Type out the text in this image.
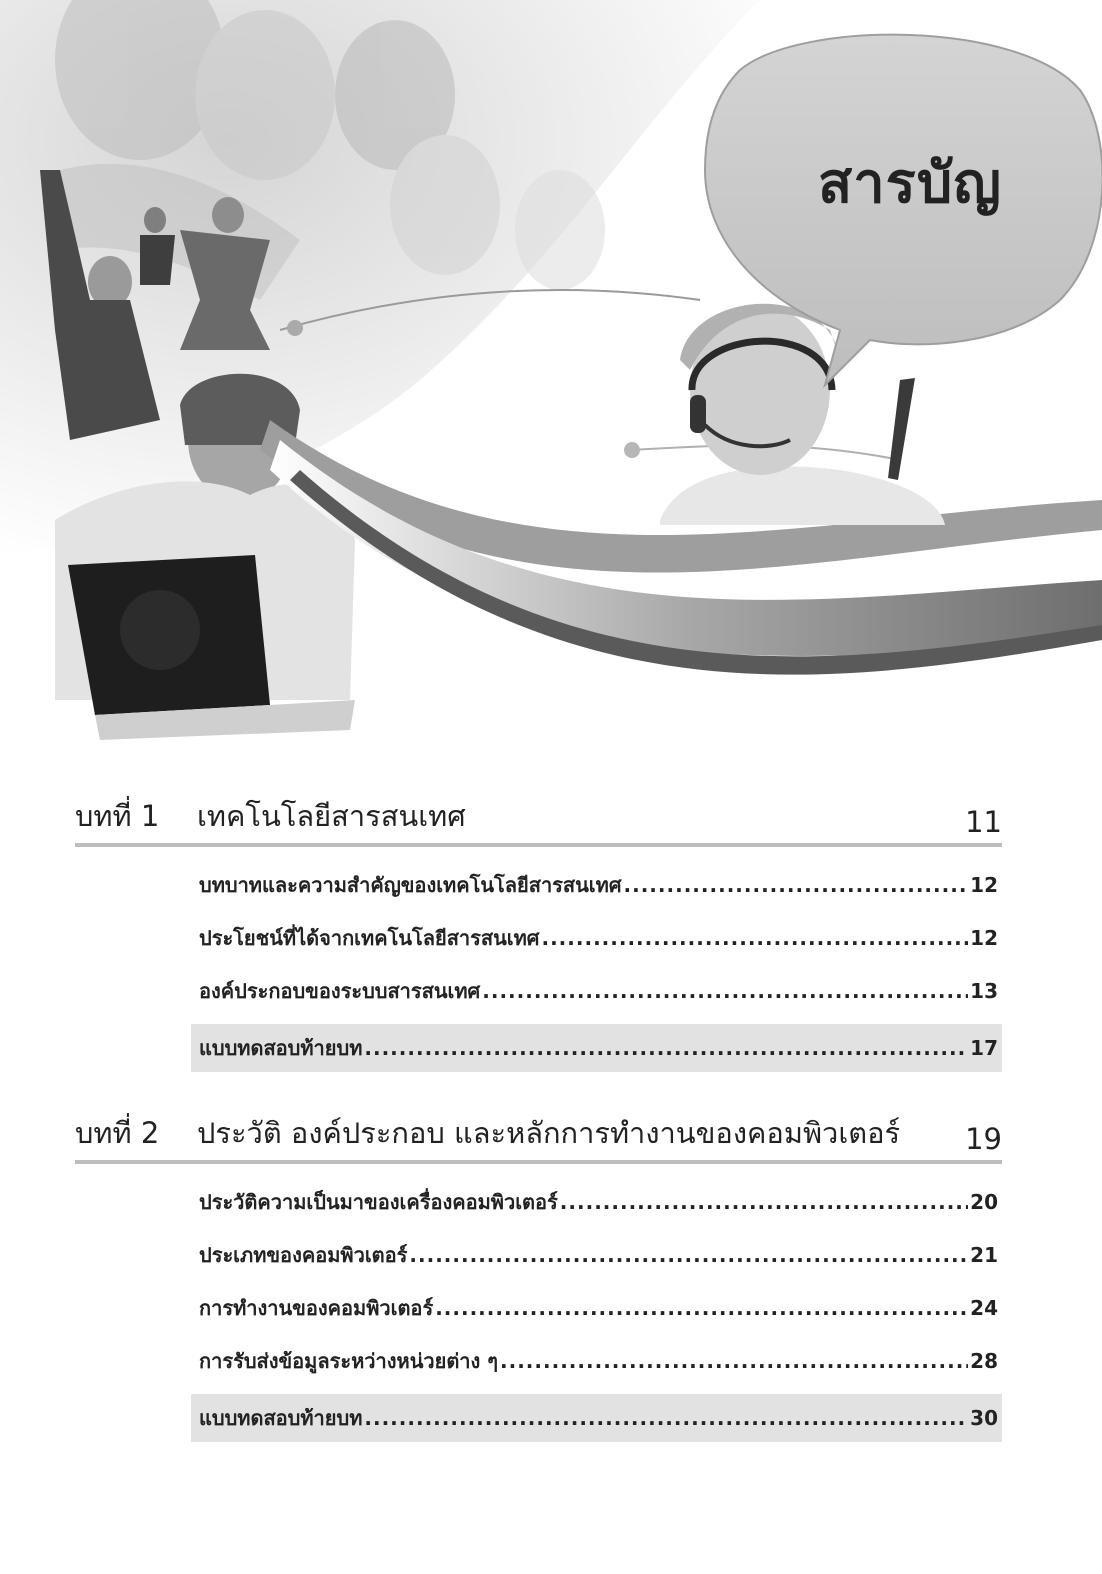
สารบัญ
บทที่ 1	เทคโนโลยีสารสนเทศ	11
บทบาทและความสำคัญของเทคโนโลยีสารสนเทศ .....	12
ประโยชน์ที่ได้จากเทคโนโลยีสารสนเทศ .....	12
องค์ประกอบของระบบสารสนเทศ .....	13
แบบทดสอบท้ายบท .....	17
บทที่ 2	ประวัติ องค์ประกอบ และหลักการทำงานของคอมพิวเตอร์	19
ประวัติความเป็นมาของเครื่องคอมพิวเตอร์ .....	20
ประเภทของคอมพิวเตอร์ .....	21
การทำงานของคอมพิวเตอร์ .....	24
การรับส่งข้อมูลระหว่างหน่วยต่าง ๆ .....	28
แบบทดสอบท้ายบท .....	30
